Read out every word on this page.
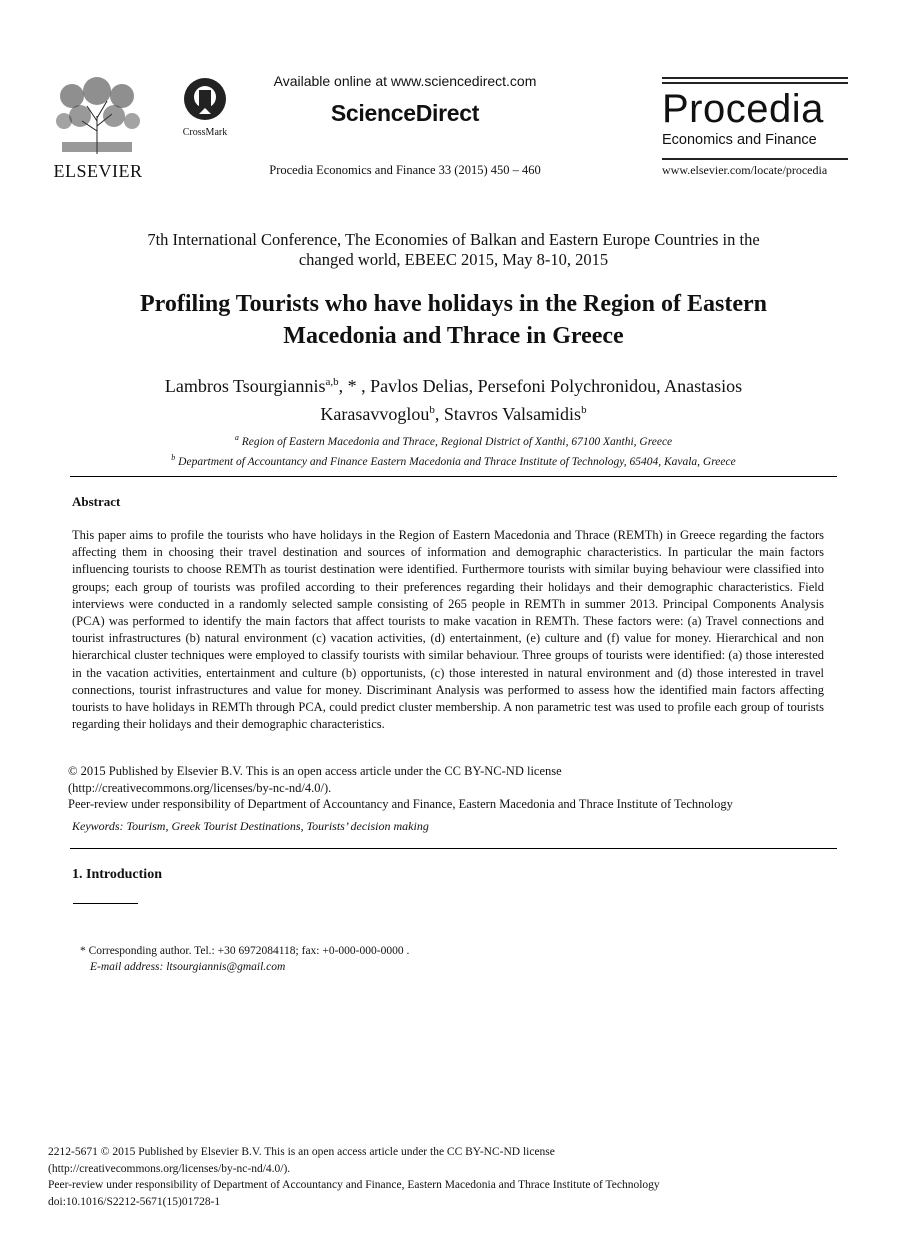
ELSEVIER
CrossMark
Available online at www.sciencedirect.com
ScienceDirect
Procedia Economics and Finance 33 (2015) 450 – 460
Procedia
Economics and Finance
www.elsevier.com/locate/procedia
7th International Conference, The Economies of Balkan and Eastern Europe Countries in the
changed world, EBEEC 2015, May 8-10, 2015
Profiling Tourists who have holidays in the Region of Eastern
Macedonia and Thrace in Greece
Lambros Tsourgiannis$^{a,b}$, * , Pavlos Delias, Persefoni Polychronidou, Anastasios
Karasavvoglou$^b$, Stavros Valsamidis$^b$
$^a$ Region of Eastern Macedonia and Thrace, Regional District of Xanthi, 67100 Xanthi, Greece
$^b$ Department of Accountancy and Finance Eastern Macedonia and Thrace Institute of Technology, 65404, Kavala, Greece
Abstract
This paper aims to profile the tourists who have holidays in the Region of Eastern Macedonia and Thrace (REMTh) in Greece regarding the factors affecting them in choosing their travel destination and sources of information and demographic characteristics. In particular the main factors influencing tourists to choose REMTh as tourist destination were identified. Furthermore tourists with similar buying behaviour were classified into groups; each group of tourists was profiled according to their preferences regarding their holidays and their demographic characteristics. Field interviews were conducted in a randomly selected sample consisting of 265 people in REMTh in summer 2013. Principal Components Analysis (PCA) was performed to identify the main factors that affect tourists to make vacation in REMTh. These factors were: (a) Travel connections and tourist infrastructures (b) natural environment (c) vacation activities, (d) entertainment, (e) culture and (f) value for money. Hierarchical and non hierarchical cluster techniques were employed to classify tourists with similar behaviour. Three groups of tourists were identified: (a) those interested in the vacation activities, entertainment and culture (b) opportunists, (c) those interested in natural environment and (d) those interested in travel connections, tourist infrastructures and value for money. Discriminant Analysis was performed to assess how the identified main factors affecting tourists to have holidays in REMTh through PCA, could predict cluster membership. A non parametric test was used to profile each group of tourists regarding their holidays and their demographic characteristics.
© 2015 Published by Elsevier B.V. This is an open access article under the CC BY-NC-ND license
(http://creativecommons.org/licenses/by-nc-nd/4.0/).
Peer-review under responsibility of Department of Accountancy and Finance, Eastern Macedonia and Thrace Institute of Technology
Keywords: Tourism, Greek Tourist Destinations, Tourists’ decision making
1. Introduction
* Corresponding author. Tel.: +30 6972084118; fax: +0-000-000-0000 .
E-mail address: ltsourgiannis@gmail.com
2212-5671 © 2015 Published by Elsevier B.V. This is an open access article under the CC BY-NC-ND license
(http://creativecommons.org/licenses/by-nc-nd/4.0/).
Peer-review under responsibility of Department of Accountancy and Finance, Eastern Macedonia and Thrace Institute of Technology
doi:10.1016/S2212-5671(15)01728-1
